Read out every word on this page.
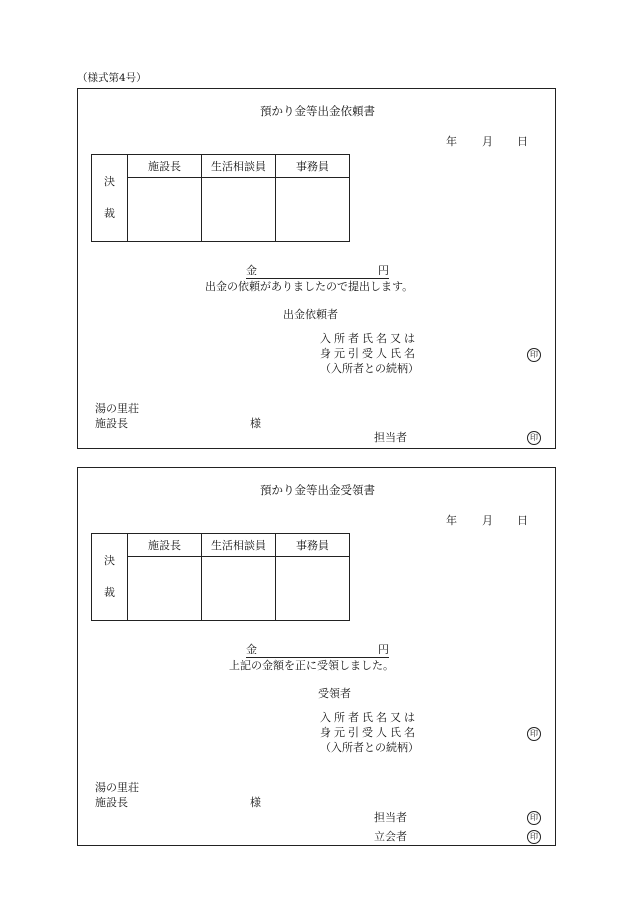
（様式第4号）
預かり金等出金依頼書
年 月 日
決
裁	施設長	生活相談員	事務員

金	円
出金の依頼がありましたので提出します。
出金依頼者
入所者氏名又は
身元引受人氏名
（入所者との続柄）
印
湯の里荘
施設長	様
担当者	印
預かり金等出金受領書
年 月 日
決
裁	施設長	生活相談員	事務員

金	円
上記の金額を正に受領しました。
受領者
入所者氏名又は
身元引受人氏名
（入所者との続柄）
印
湯の里荘
施設長	様
担当者	印
立会者	印
